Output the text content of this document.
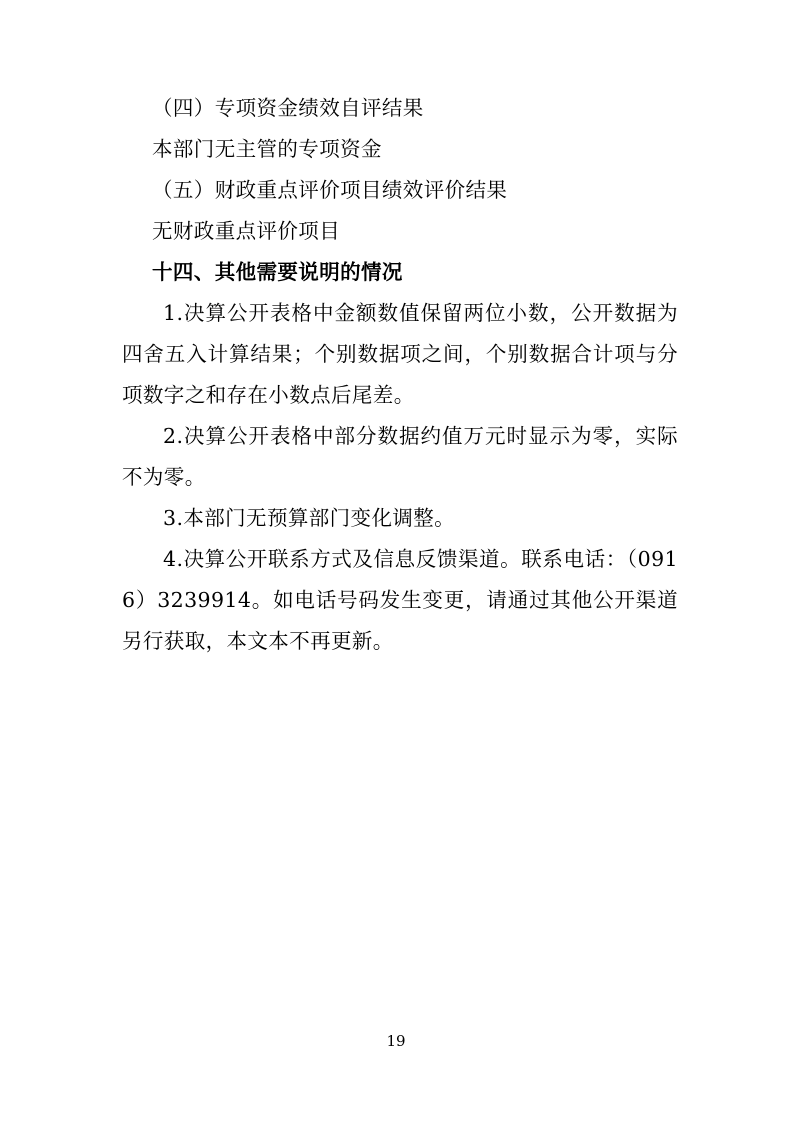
（四）专项资金绩效自评结果

本部门无主管的专项资金

（五）财政重点评价项目绩效评价结果

无财政重点评价项目

十四、其他需要说明的情况

1.决算公开表格中金额数值保留两位小数，公开数据为四舍五入计算结果；个别数据项之间，个别数据合计项与分项数字之和存在小数点后尾差。

2.决算公开表格中部分数据约值万元时显示为零，实际不为零。

3.本部门无预算部门变化调整。

4.决算公开联系方式及信息反馈渠道。联系电话：（0916）3239914。如电话号码发生变更，请通过其他公开渠道另行获取，本文本不再更新。

19
